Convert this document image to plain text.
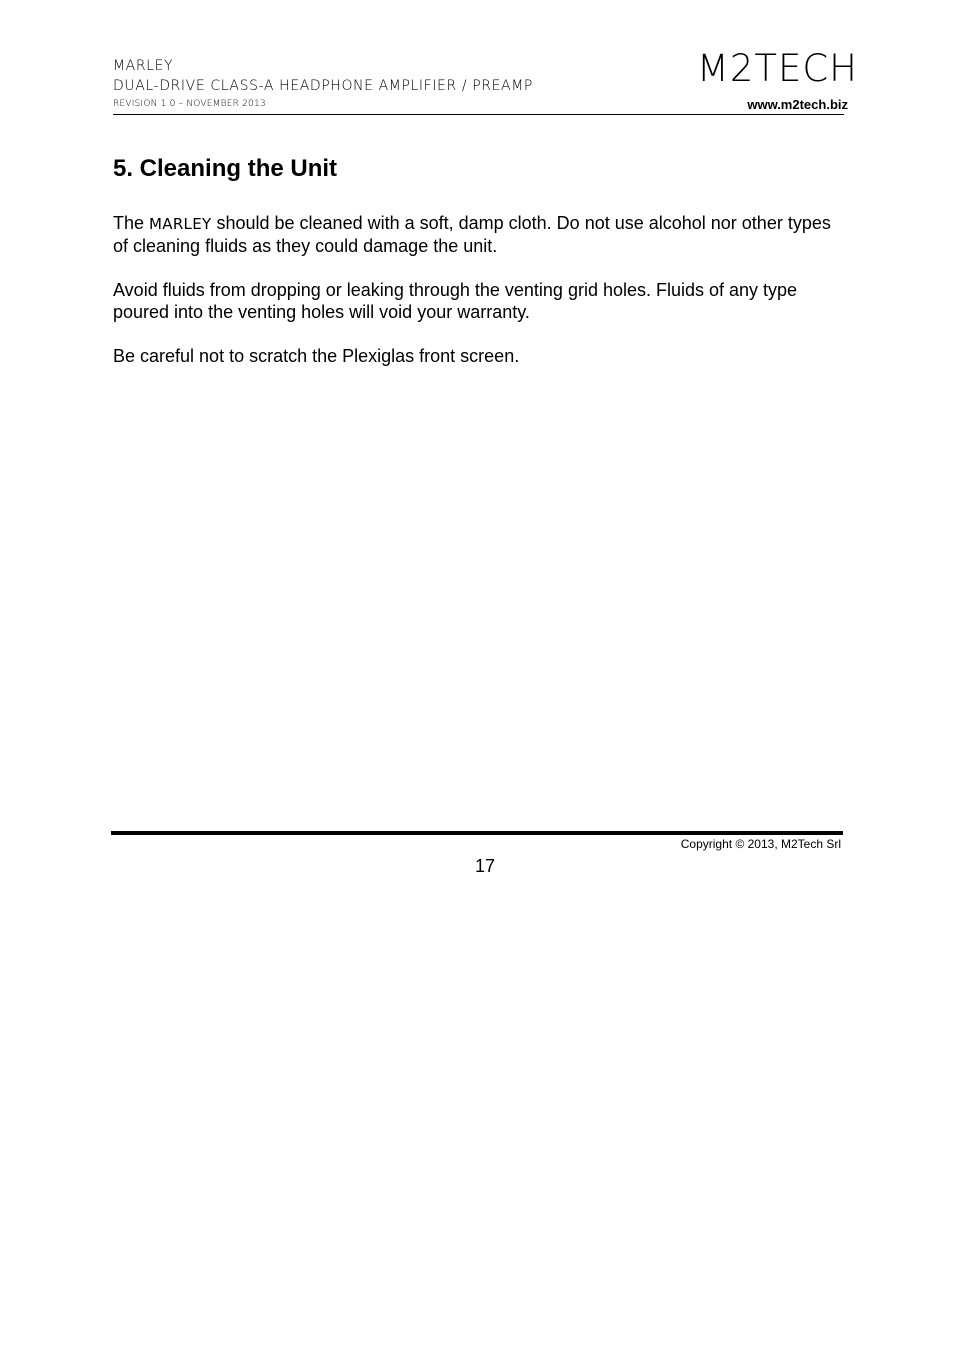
MARLEY
DUAL-DRIVE CLASS-A HEADPHONE AMPLIFIER / PREAMP
REVISION 1.0 – NOVEMBER 2013
M2TECH
www.m2tech.biz
5. Cleaning the Unit

The MARLEY should be cleaned with a soft, damp cloth. Do not use alcohol nor other types of cleaning fluids as they could damage the unit.

Avoid fluids from dropping or leaking through the venting grid holes. Fluids of any type poured into the venting holes will void your warranty.

Be careful not to scratch the Plexiglas front screen.

Copyright © 2013, M2Tech Srl
17
